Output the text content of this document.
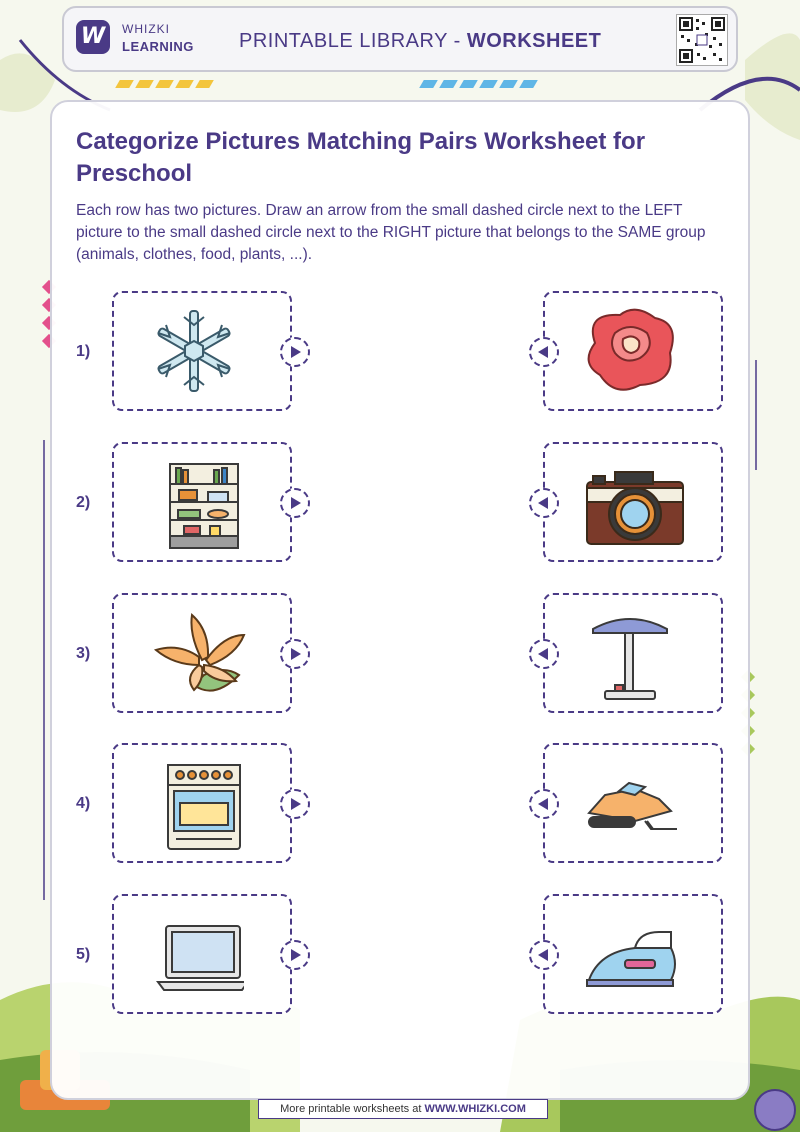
W	WHIZKI
LEARNING PRINTABLE LIBRARY - WORKSHEET
Categorize Pictures Matching Pairs Worksheet for Preschool
Each row has two pictures. Draw an arrow from the small dashed circle next to the LEFT picture to the small dashed circle next to the RIGHT picture that belongs to the SAME group (animals, clothes, food, plants, ...).
1)
2)
3)
4)
5)
More printable worksheets at WWW.WHIZKI.COM
